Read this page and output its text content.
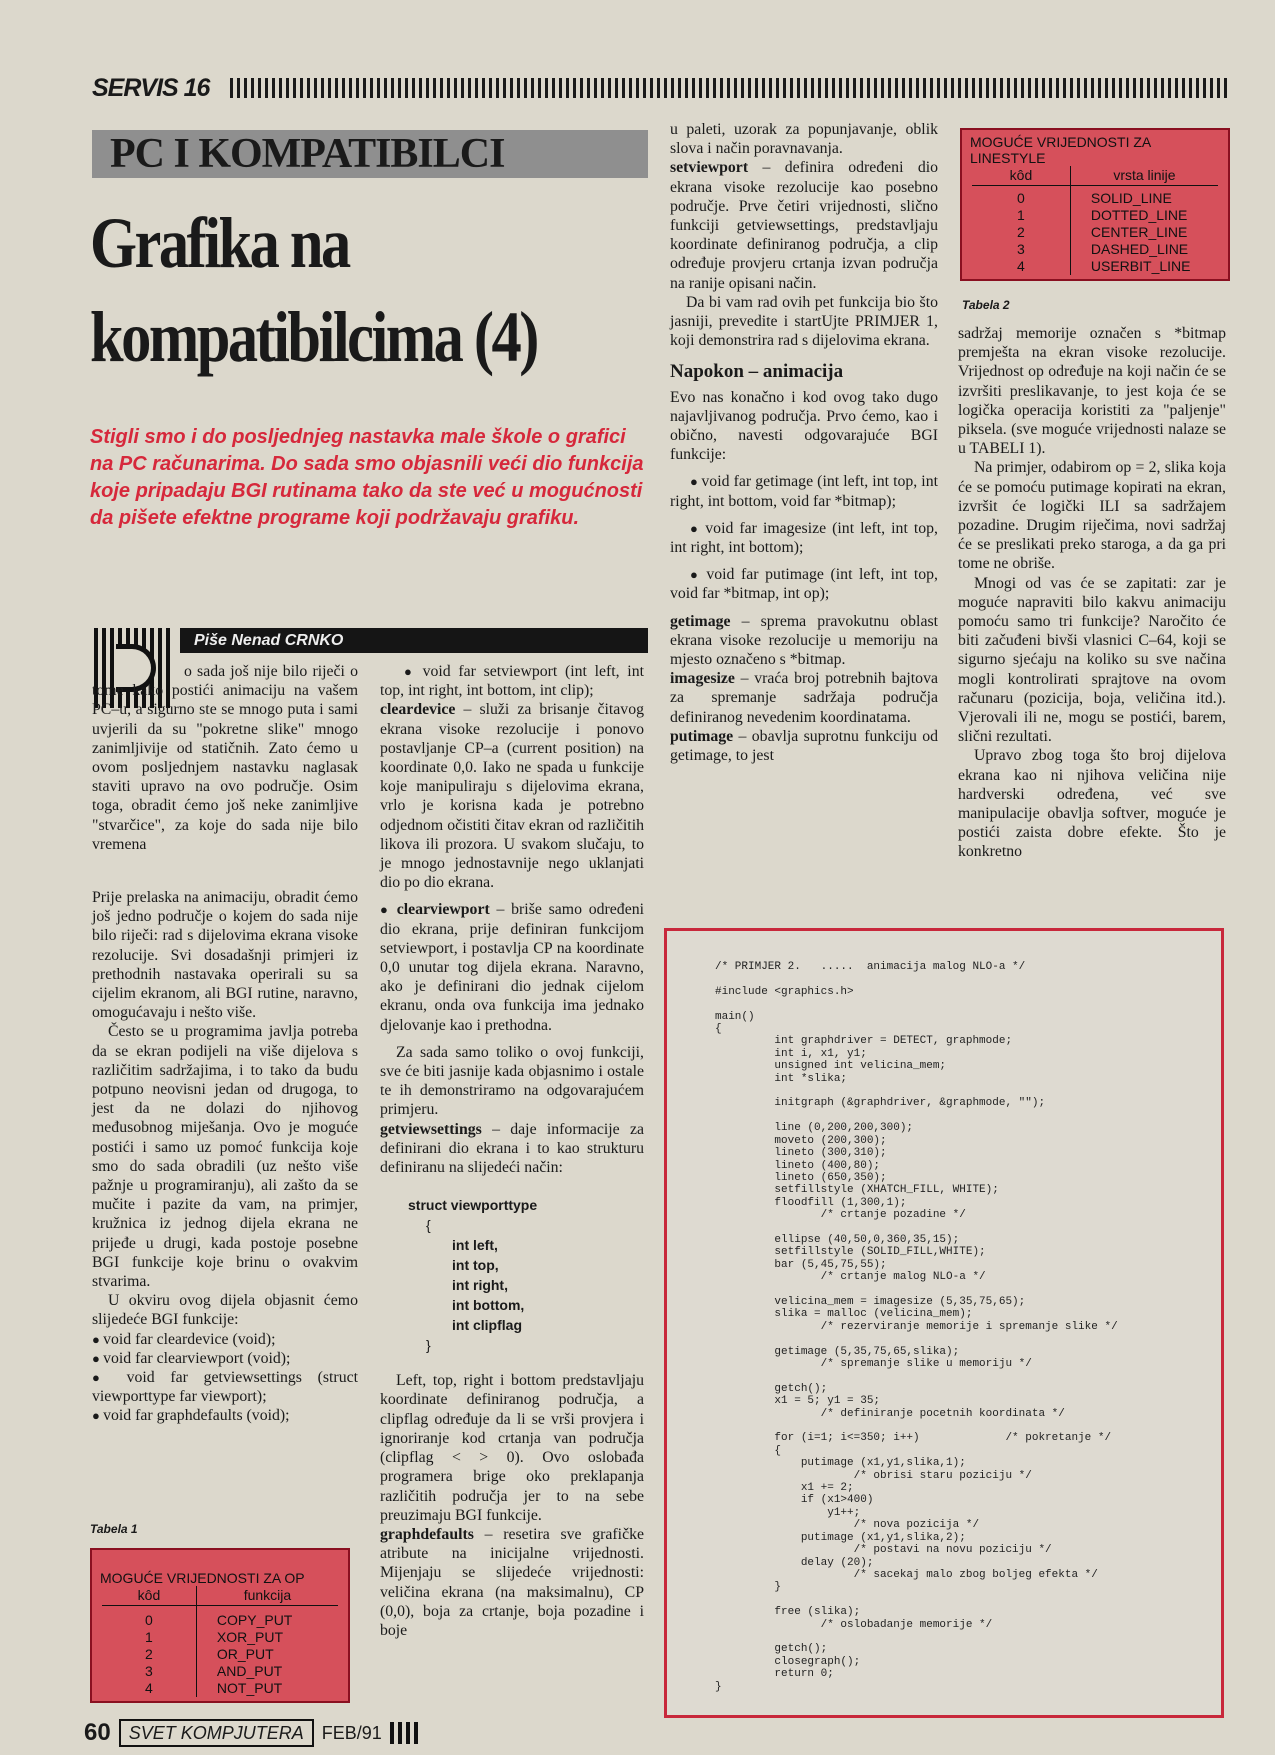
SERVIS 16
PC I KOMPATIBILCI
Grafika na kompatibilcima (4)
Stigli smo i do posljednjeg nastavka male škole o grafici na PC računarima. Do sada smo objasnili veći dio funkcija koje pripadaju BGI rutinama tako da ste već u mogućnosti da pišete efektne programe koji podržavaju grafiku.
Piše Nenad CRNKO

o sada još nije bilo riječi o tome kako postići animaciju na vašem PC–u, a sigurno ste se mnogo puta i sami uvjerili da su "pokretne slike" mnogo zanimljivije od statičnih. Zato ćemo u ovom posljednjem nastavku naglasak staviti upravo na ovo područje. Osim toga, obradit ćemo još neke zanimljive "stvarčice", za koje do sada nije bilo vremena

Prije prelaska na animaciju, obradit ćemo još jedno područje o kojem do sada nije bilo riječi: rad s dijelovima ekrana visoke rezolucije. Svi dosadašnji primjeri iz prethodnih nastavaka operirali su sa cijelim ekranom, ali BGI rutine, naravno, omogućavaju i nešto više.

Često se u programima javlja potreba da se ekran podijeli na više dijelova s različitim sadržajima, i to tako da budu potpuno neovisni jedan od drugoga, to jest da ne dolazi do njihovog međusobnog miješanja. Ovo je moguće postići i samo uz pomoć funkcija koje smo do sada obradili (uz nešto više pažnje u programiranju), ali zašto da se mučite i pazite da vam, na primjer, kružnica iz jednog dijela ekrana ne prijeđe u drugi, kada postoje posebne BGI funkcije koje brinu o ovakvim stvarima.

U okviru ovog dijela objasnit ćemo slijedeće BGI funkcije:

● void far cleardevice (void);

● void far clearviewport (void);

● void far getviewsettings (struct viewporttype far viewport);

● void far graphdefaults (void);

Tabela 1
MOGUĆE VRIJEDNOSTI ZA OP
kôd	funkcija
0	COPY_PUT
1	XOR_PUT
2	OR_PUT
3	AND_PUT
4	NOT_PUT

● void far setviewport (int left, int top, int right, int bottom, int clip);

cleardevice – služi za brisanje čitavog ekrana visoke rezolucije i ponovo postavljanje CP–a (current position) na koordinate 0,0. Iako ne spada u funkcije koje manipuliraju s dijelovima ekrana, vrlo je korisna kada je potrebno odjednom očistiti čitav ekran od različitih likova ili prozora. U svakom slučaju, to je mnogo jednostavnije nego uklanjati dio po dio ekrana.

● clearviewport – briše samo određeni dio ekrana, prije definiran funkcijom setviewport, i postavlja CP na koordinate 0,0 unutar tog dijela ekrana. Naravno, ako je definirani dio jednak cijelom ekranu, onda ova funkcija ima jednako djelovanje kao i prethodna.

Za sada samo toliko o ovoj funkciji, sve će biti jasnije kada objasnimo i ostale te ih demonstriramo na odgovarajućem primjeru.

getviewsettings – daje informacije za definirani dio ekrana i to kao strukturu definiranu na slijedeći način:

struct viewporttype

{
int left,
int top,
int right,
int bottom,
int clipflag
}

Left, top, right i bottom predstavljaju koordinate definiranog područja, a clipflag određuje da li se vrši provjera i ignoriranje kod crtanja van područja (clipflag < > 0). Ovo oslobađa programera brige oko preklapanja različitih područja jer to na sebe preuzimaju BGI funkcije.

graphdefaults – resetira sve grafičke atribute na inicijalne vrijednosti. Mijenjaju se slijedeće vrijednosti: veličina ekrana (na maksimalnu), CP (0,0), boja za crtanje, boja pozadine i boje

u paleti, uzorak za popunjavanje, oblik slova i način poravnavanja.

setviewport – definira određeni dio ekrana visoke rezolucije kao posebno područje. Prve četiri vrijednosti, slično funkciji getviewsettings, predstavljaju koordinate definiranog područja, a clip određuje provjeru crtanja izvan područja na ranije opisani način.

Da bi vam rad ovih pet funkcija bio što jasniji, prevedite i startUjte PRIMJER 1, koji demonstrira rad s dijelovima ekrana.

Napokon – animacija

Evo nas konačno i kod ovog tako dugo najavljivanog područja. Prvo ćemo, kao i obično, navesti odgovarajuće BGI funkcije:

● void far getimage (int left, int top, int right, int bottom, void far *bitmap);

● void far imagesize (int left, int top, int right, int bottom);

● void far putimage (int left, int top, void far *bitmap, int op);

getimage – sprema pravokutnu oblast ekrana visoke rezolucije u memoriju na mjesto označeno s *bitmap.

imagesize – vraća broj potrebnih bajtova za spremanje sadržaja područja definiranog nevedenim koordinatama.

putimage – obavlja suprotnu funkciju od getimage, to jest

MOGUĆE VRIJEDNOSTI ZA LINESTYLE
kôd	vrsta linije
0	SOLID_LINE
1	DOTTED_LINE
2	CENTER_LINE
3	DASHED_LINE
4	USERBIT_LINE
Tabela 2

sadržaj memorije označen s *bitmap premješta na ekran visoke rezolucije. Vrijednost op određuje na koji način će se izvršiti preslikavanje, to jest koja će se logička operacija koristiti za "paljenje" piksela. (sve moguće vrijednosti nalaze se u TABELI 1).

Na primjer, odabirom op = 2, slika koja će se pomoću putimage kopirati na ekran, izvršit će logički ILI sa sadržajem pozadine. Drugim riječima, novi sadržaj će se preslikati preko staroga, a da ga pri tome ne obriše.

Mnogi od vas će se zapitati: zar je moguće napraviti bilo kakvu animaciju pomoću samo tri funkcije? Naročito će biti začuđeni bivši vlasnici C–64, koji se sigurno sjećaju na koliko su sve načina mogli kontrolirati sprajtove na ovom računaru (pozicija, boja, veličina itd.). Vjerovali ili ne, mogu se postići, barem, slični rezultati.

Upravo zbog toga što broj dijelova ekrana kao ni njihova veličina nije hardverski određena, već sve manipulacije obavlja softver, moguće je postići zaista dobre efekte. Što je konkretno

/* PRIMJER 2.   .....  animacija malog NLO-a */

#include <graphics.h>

main()
{
int graphdriver = DETECT, graphmode;
int i, x1, y1;
unsigned int velicina_mem;
int *slika;

initgraph (&graphdriver, &graphmode, "");

line (0,200,200,300);
moveto (200,300);
lineto (300,310);
lineto (400,80);
lineto (650,350);
setfillstyle (XHATCH_FILL, WHITE);
floodfill (1,300,1);
/* crtanje pozadine */

ellipse (40,50,0,360,35,15);
setfillstyle (SOLID_FILL,WHITE);
bar (5,45,75,55);
/* crtanje malog NLO-a */

velicina_mem = imagesize (5,35,75,65);
slika = malloc (velicina_mem);
/* rezerviranje memorije i spremanje slike */

getimage (5,35,75,65,slika);
/* spremanje slike u memoriju */

getch();
x1 = 5; y1 = 35;
/* definiranje pocetnih koordinata */

for (i=1; i<=350; i++)             /* pokretanje */
{
putimage (x1,y1,slika,1);
/* obrisi staru poziciju */
x1 += 2;
if (x1>400)
y1++;
/* nova pozicija */
putimage (x1,y1,slika,2);
/* postavi na novu poziciju */
delay (20);
/* sacekaj malo zbog boljeg efekta */
}

free (slika);
/* oslobadanje memorije */

getch();
closegraph();
return 0;
}
60	SVET KOMPJUTERA	FEB/91
